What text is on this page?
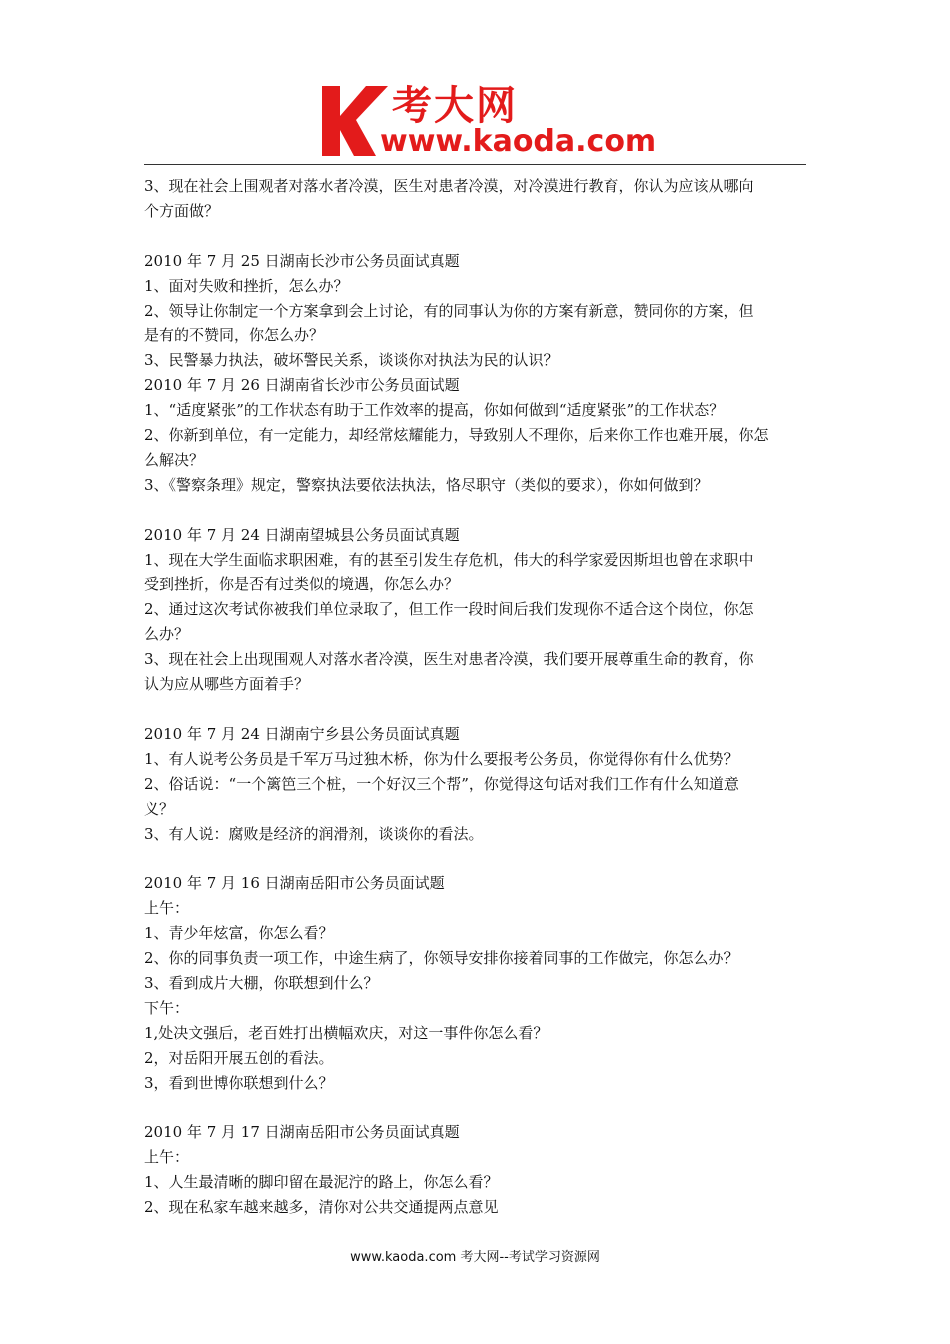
考大网
www.kaoda.com
3、现在社会上围观者对落水者冷漠，医生对患者冷漠，对冷漠进行教育，你认为应该从哪向
个方面做？
2010 年 7 月 25 日湖南长沙市公务员面试真题
1、面对失败和挫折，怎么办？
2、领导让你制定一个方案拿到会上讨论，有的同事认为你的方案有新意，赞同你的方案，但
是有的不赞同，你怎么办？
3、民警暴力执法，破坏警民关系，谈谈你对执法为民的认识？
2010 年 7 月 26 日湖南省长沙市公务员面试题
1、“适度紧张”的工作状态有助于工作效率的提高，你如何做到“适度紧张”的工作状态？
2、你新到单位，有一定能力，却经常炫耀能力，导致别人不理你，后来你工作也难开展，你怎
么解决？
3、《警察条理》规定，警察执法要依法执法，恪尽职守（类似的要求），你如何做到？
2010 年 7 月 24 日湖南望城县公务员面试真题
1、现在大学生面临求职困难，有的甚至引发生存危机，伟大的科学家爱因斯坦也曾在求职中
受到挫折，你是否有过类似的境遇，你怎么办？
2、通过这次考试你被我们单位录取了，但工作一段时间后我们发现你不适合这个岗位，你怎
么办？
3、现在社会上出现围观人对落水者冷漠，医生对患者冷漠，我们要开展尊重生命的教育，你
认为应从哪些方面着手？
2010 年 7 月 24 日湖南宁乡县公务员面试真题
1、有人说考公务员是千军万马过独木桥，你为什么要报考公务员，你觉得你有什么优势？
2、俗话说：“一个篱笆三个桩，一个好汉三个帮”，你觉得这句话对我们工作有什么知道意
义？
3、有人说：腐败是经济的润滑剂，谈谈你的看法。
2010 年 7 月 16 日湖南岳阳市公务员面试题
上午：
1、青少年炫富，你怎么看？
2、你的同事负责一项工作，中途生病了，你领导安排你接着同事的工作做完，你怎么办？
3、看到成片大棚，你联想到什么？
下午：
1,处决文强后，老百姓打出横幅欢庆，对这一事件你怎么看？
2，对岳阳开展五创的看法。
3，看到世博你联想到什么？
2010 年 7 月 17 日湖南岳阳市公务员面试真题
上午：
1、人生最清晰的脚印留在最泥泞的路上，你怎么看？
2、现在私家车越来越多，清你对公共交通提两点意见
www.kaoda.com 考大网--考试学习资源网
